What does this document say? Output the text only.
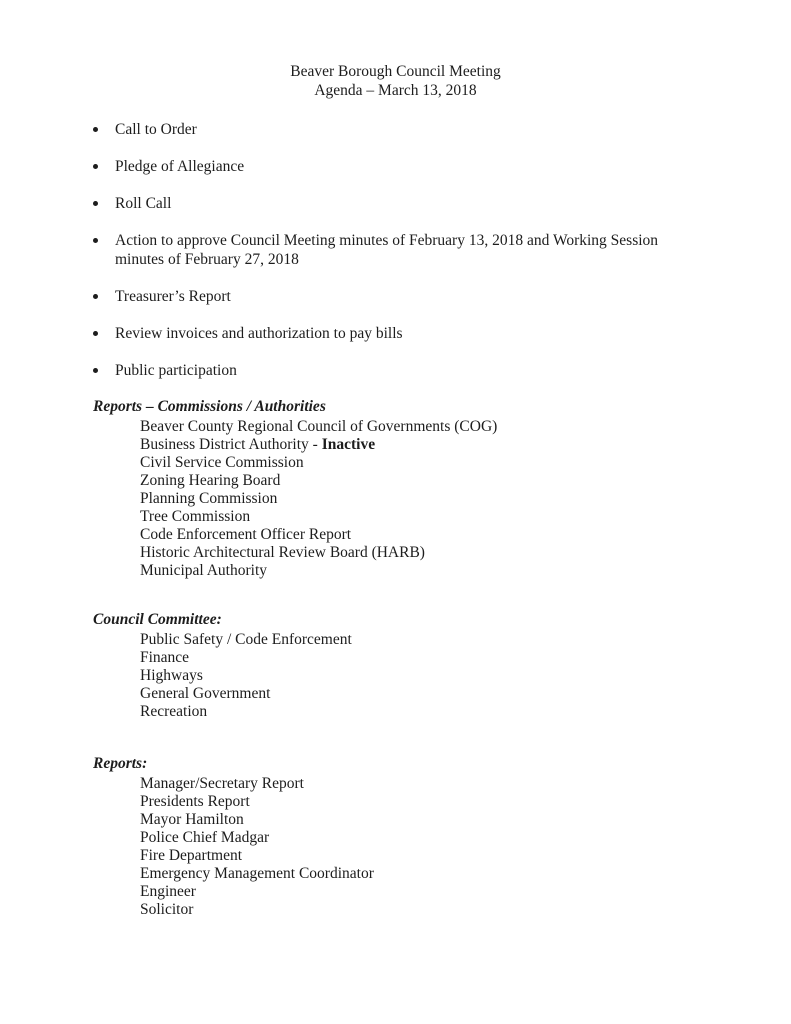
Beaver Borough Council Meeting
Agenda – March 13, 2018
Call to Order
Pledge of Allegiance
Roll Call
Action to approve Council Meeting minutes of February 13, 2018 and Working Session minutes of February 27, 2018
Treasurer’s Report
Review invoices and authorization to pay bills
Public participation
Reports – Commissions / Authorities
Beaver County Regional Council of Governments (COG)
Business District Authority - Inactive
Civil Service Commission
Zoning Hearing Board
Planning Commission
Tree Commission
Code Enforcement Officer Report
Historic Architectural Review Board (HARB)
Municipal Authority
Council Committee:
Public Safety / Code Enforcement
Finance
Highways
General Government
Recreation
Reports:
Manager/Secretary Report
Presidents Report
Mayor Hamilton
Police Chief Madgar
Fire Department
Emergency Management Coordinator
Engineer
Solicitor
